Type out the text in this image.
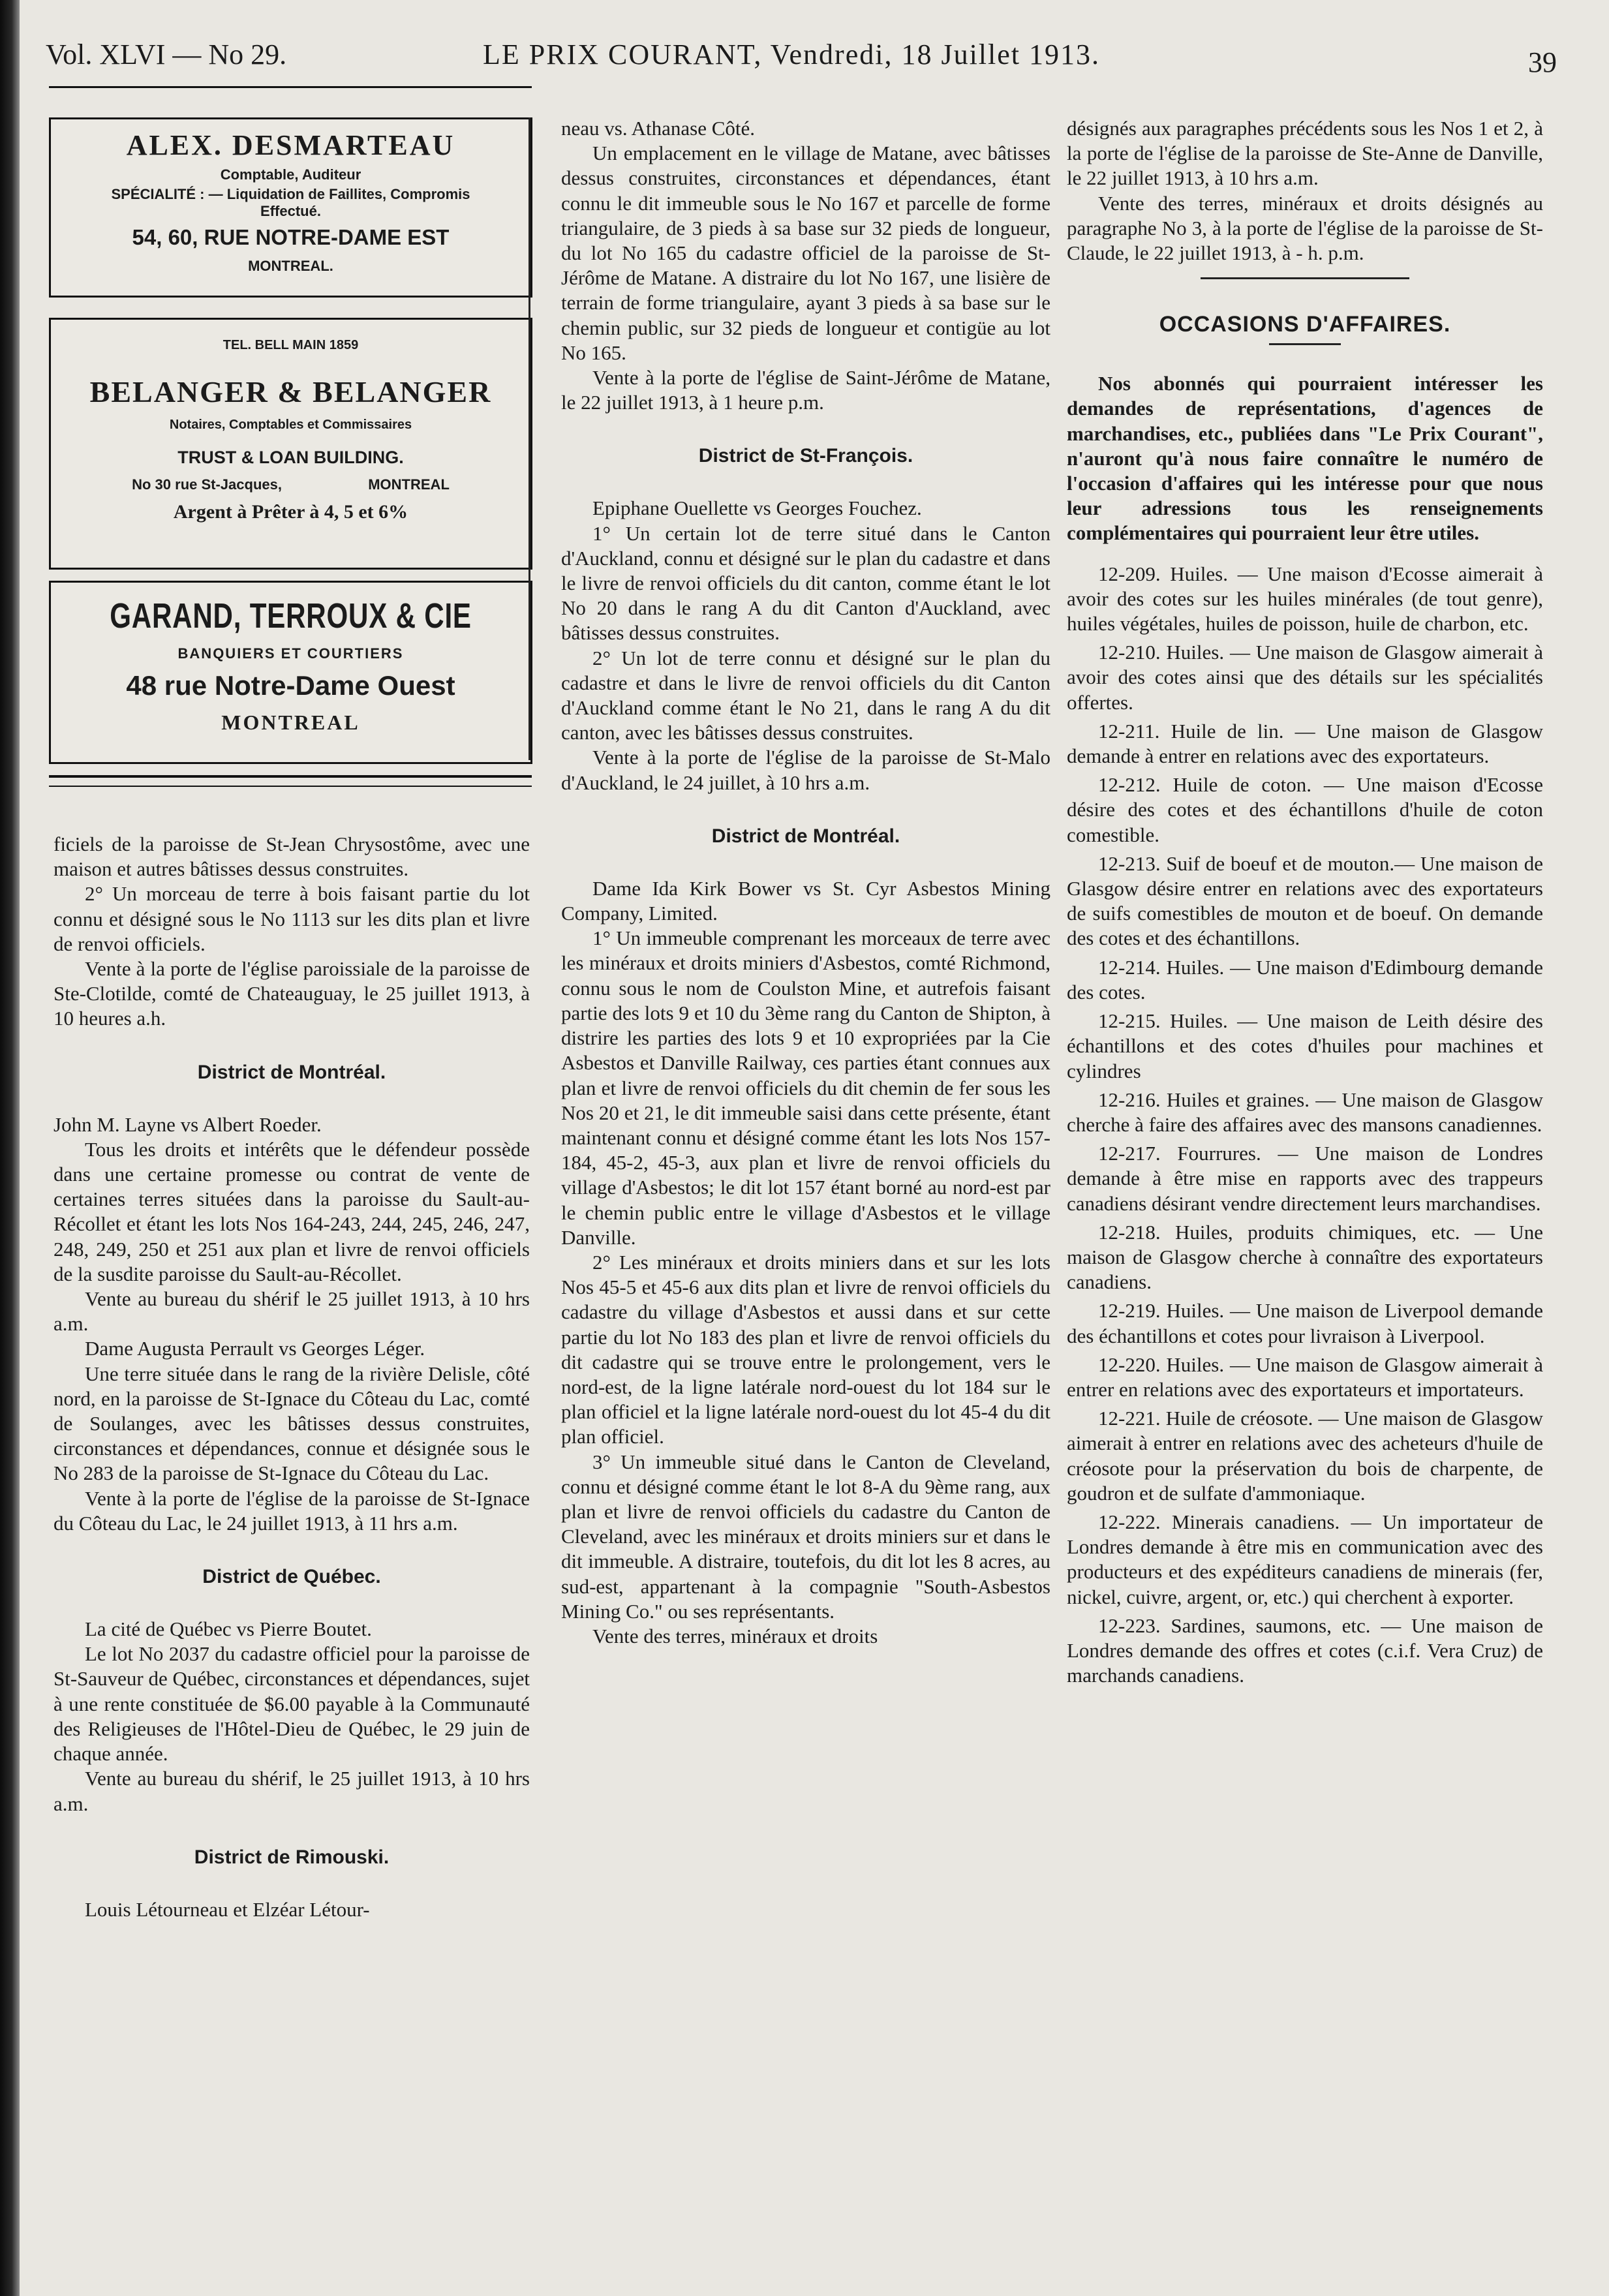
Vol. XLVI — No 29.	LE PRIX COURANT, Vendredi, 18 Juillet 1913.	39
ALEX. DESMARTEAU
Comptable, Auditeur
SPÉCIALITÉ : — Liquidation de Faillites, Compromis Effectué.
54, 60, RUE NOTRE-DAME EST
MONTREAL.
TEL. BELL MAIN 1859
BELANGER & BELANGER
Notaires, Comptables et Commissaires
TRUST & LOAN BUILDING.
No 30 rue St-Jacques,	MONTREAL
Argent à Prêter à 4, 5 et 6%
GARAND, TERROUX & CIE
BANQUIERS ET COURTIERS
48 rue Notre-Dame Ouest
MONTREAL

ficiels de la paroisse de St-Jean Chrysostôme, avec une maison et autres bâtisses dessus construites.

2° Un morceau de terre à bois faisant partie du lot connu et désigné sous le No 1113 sur les dits plan et livre de renvoi officiels.

Vente à la porte de l'église paroissiale de la paroisse de Ste-Clotilde, comté de Chateauguay, le 25 juillet 1913, à 10 heures a.h.

District de Montréal.

John M. Layne vs Albert Roeder.

Tous les droits et intérêts que le défendeur possède dans une certaine promesse ou contrat de vente de certaines terres situées dans la paroisse du Sault-au-Récollet et étant les lots Nos 164-243, 244, 245, 246, 247, 248, 249, 250 et 251 aux plan et livre de renvoi officiels de la susdite paroisse du Sault-au-Récollet.

Vente au bureau du shérif le 25 juillet 1913, à 10 hrs a.m.

Dame Augusta Perrault vs Georges Léger.

Une terre située dans le rang de la rivière Delisle, côté nord, en la paroisse de St-Ignace du Côteau du Lac, comté de Soulanges, avec les bâtisses dessus construites, circonstances et dépendances, connue et désignée sous le No 283 de la paroisse de St-Ignace du Côteau du Lac.

Vente à la porte de l'église de la paroisse de St-Ignace du Côteau du Lac, le 24 juillet 1913, à 11 hrs a.m.

District de Québec.

La cité de Québec vs Pierre Boutet.

Le lot No 2037 du cadastre officiel pour la paroisse de St-Sauveur de Québec, circonstances et dépendances, sujet à une rente constituée de $6.00 payable à la Communauté des Religieuses de l'Hôtel-Dieu de Québec, le 29 juin de chaque année.

Vente au bureau du shérif, le 25 juillet 1913, à 10 hrs a.m.

District de Rimouski.

Louis Létourneau et Elzéar Létour-

neau vs. Athanase Côté.

Un emplacement en le village de Matane, avec bâtisses dessus construites, circonstances et dépendances, étant connu le dit immeuble sous le No 167 et parcelle de forme triangulaire, de 3 pieds à sa base sur 32 pieds de longueur, du lot No 165 du cadastre officiel de la paroisse de St-Jérôme de Matane. A distraire du lot No 167, une lisière de terrain de forme triangulaire, ayant 3 pieds à sa base sur le chemin public, sur 32 pieds de longueur et contigüe au lot No 165.

Vente à la porte de l'église de Saint-Jérôme de Matane, le 22 juillet 1913, à 1 heure p.m.

District de St-François.

Epiphane Ouellette vs Georges Fouchez.

1° Un certain lot de terre situé dans le Canton d'Auckland, connu et désigné sur le plan du cadastre et dans le livre de renvoi officiels du dit canton, comme étant le lot No 20 dans le rang A du dit Canton d'Auckland, avec bâtisses dessus construites.

2° Un lot de terre connu et désigné sur le plan du cadastre et dans le livre de renvoi officiels du dit Canton d'Auckland comme étant le No 21, dans le rang A du dit canton, avec les bâtisses dessus construites.

Vente à la porte de l'église de la paroisse de St-Malo d'Auckland, le 24 juillet, à 10 hrs a.m.

District de Montréal.

Dame Ida Kirk Bower vs St. Cyr Asbestos Mining Company, Limited.

1° Un immeuble comprenant les morceaux de terre avec les minéraux et droits miniers d'Asbestos, comté Richmond, connu sous le nom de Coulston Mine, et autrefois faisant partie des lots 9 et 10 du 3ème rang du Canton de Shipton, à distrire les parties des lots 9 et 10 expropriées par la Cie Asbestos et Danville Railway, ces parties étant connues aux plan et livre de renvoi officiels du dit chemin de fer sous les Nos 20 et 21, le dit immeuble saisi dans cette présente, étant maintenant connu et désigné comme étant les lots Nos 157-184, 45-2, 45-3, aux plan et livre de renvoi officiels du village d'Asbestos; le dit lot 157 étant borné au nord-est par le chemin public entre le village d'Asbestos et le village Danville.

2° Les minéraux et droits miniers dans et sur les lots Nos 45-5 et 45-6 aux dits plan et livre de renvoi officiels du cadastre du village d'Asbestos et aussi dans et sur cette partie du lot No 183 des plan et livre de renvoi officiels du dit cadastre qui se trouve entre le prolongement, vers le nord-est, de la ligne latérale nord-ouest du lot 184 sur le plan officiel et la ligne latérale nord-ouest du lot 45-4 du dit plan officiel.

3° Un immeuble situé dans le Canton de Cleveland, connu et désigné comme étant le lot 8-A du 9ème rang, aux plan et livre de renvoi officiels du cadastre du Canton de Cleveland, avec les minéraux et droits miniers sur et dans le dit immeuble. A distraire, toutefois, du dit lot les 8 acres, au sud-est, appartenant à la compagnie "South-Asbestos Mining Co." ou ses représentants.

Vente des terres, minéraux et droits

désignés aux paragraphes précédents sous les Nos 1 et 2, à la porte de l'église de la paroisse de Ste-Anne de Danville, le 22 juillet 1913, à 10 hrs a.m.

Vente des terres, minéraux et droits désignés au paragraphe No 3, à la porte de l'église de la paroisse de St-Claude, le 22 juillet 1913, à - h. p.m.

OCCASIONS D'AFFAIRES.

Nos abonnés qui pourraient intéresser les demandes de représentations, d'agences de marchandises, etc., publiées dans "Le Prix Courant", n'auront qu'à nous faire connaître le numéro de l'occasion d'affaires qui les intéresse pour que nous leur adressions tous les renseignements complémentaires qui pourraient leur être utiles.

12-209. Huiles. — Une maison d'Ecosse aimerait à avoir des cotes sur les huiles minérales (de tout genre), huiles végétales, huiles de poisson, huile de charbon, etc.

12-210. Huiles. — Une maison de Glasgow aimerait à avoir des cotes ainsi que des détails sur les spécialités offertes.

12-211. Huile de lin. — Une maison de Glasgow demande à entrer en relations avec des exportateurs.

12-212. Huile de coton. — Une maison d'Ecosse désire des cotes et des échantillons d'huile de coton comestible.

12-213. Suif de boeuf et de mouton.— Une maison de Glasgow désire entrer en relations avec des exportateurs de suifs comestibles de mouton et de boeuf. On demande des cotes et des échantillons.

12-214. Huiles. — Une maison d'Edimbourg demande des cotes.

12-215. Huiles. — Une maison de Leith désire des échantillons et des cotes d'huiles pour machines et cylindres

12-216. Huiles et graines. — Une maison de Glasgow cherche à faire des affaires avec des mansons canadiennes.

12-217. Fourrures. — Une maison de Londres demande à être mise en rapports avec des trappeurs canadiens désirant vendre directement leurs marchandises.

12-218. Huiles, produits chimiques, etc. — Une maison de Glasgow cherche à connaître des exportateurs canadiens.

12-219. Huiles. — Une maison de Liverpool demande des échantillons et cotes pour livraison à Liverpool.

12-220. Huiles. — Une maison de Glasgow aimerait à entrer en relations avec des exportateurs et importateurs.

12-221. Huile de créosote. — Une maison de Glasgow aimerait à entrer en relations avec des acheteurs d'huile de créosote pour la préservation du bois de charpente, de goudron et de sulfate d'ammoniaque.

12-222. Minerais canadiens. — Un importateur de Londres demande à être mis en communication avec des producteurs et des expéditeurs canadiens de minerais (fer, nickel, cuivre, argent, or, etc.) qui cherchent à exporter.

12-223. Sardines, saumons, etc. — Une maison de Londres demande des offres et cotes (c.i.f. Vera Cruz) de marchands canadiens.
